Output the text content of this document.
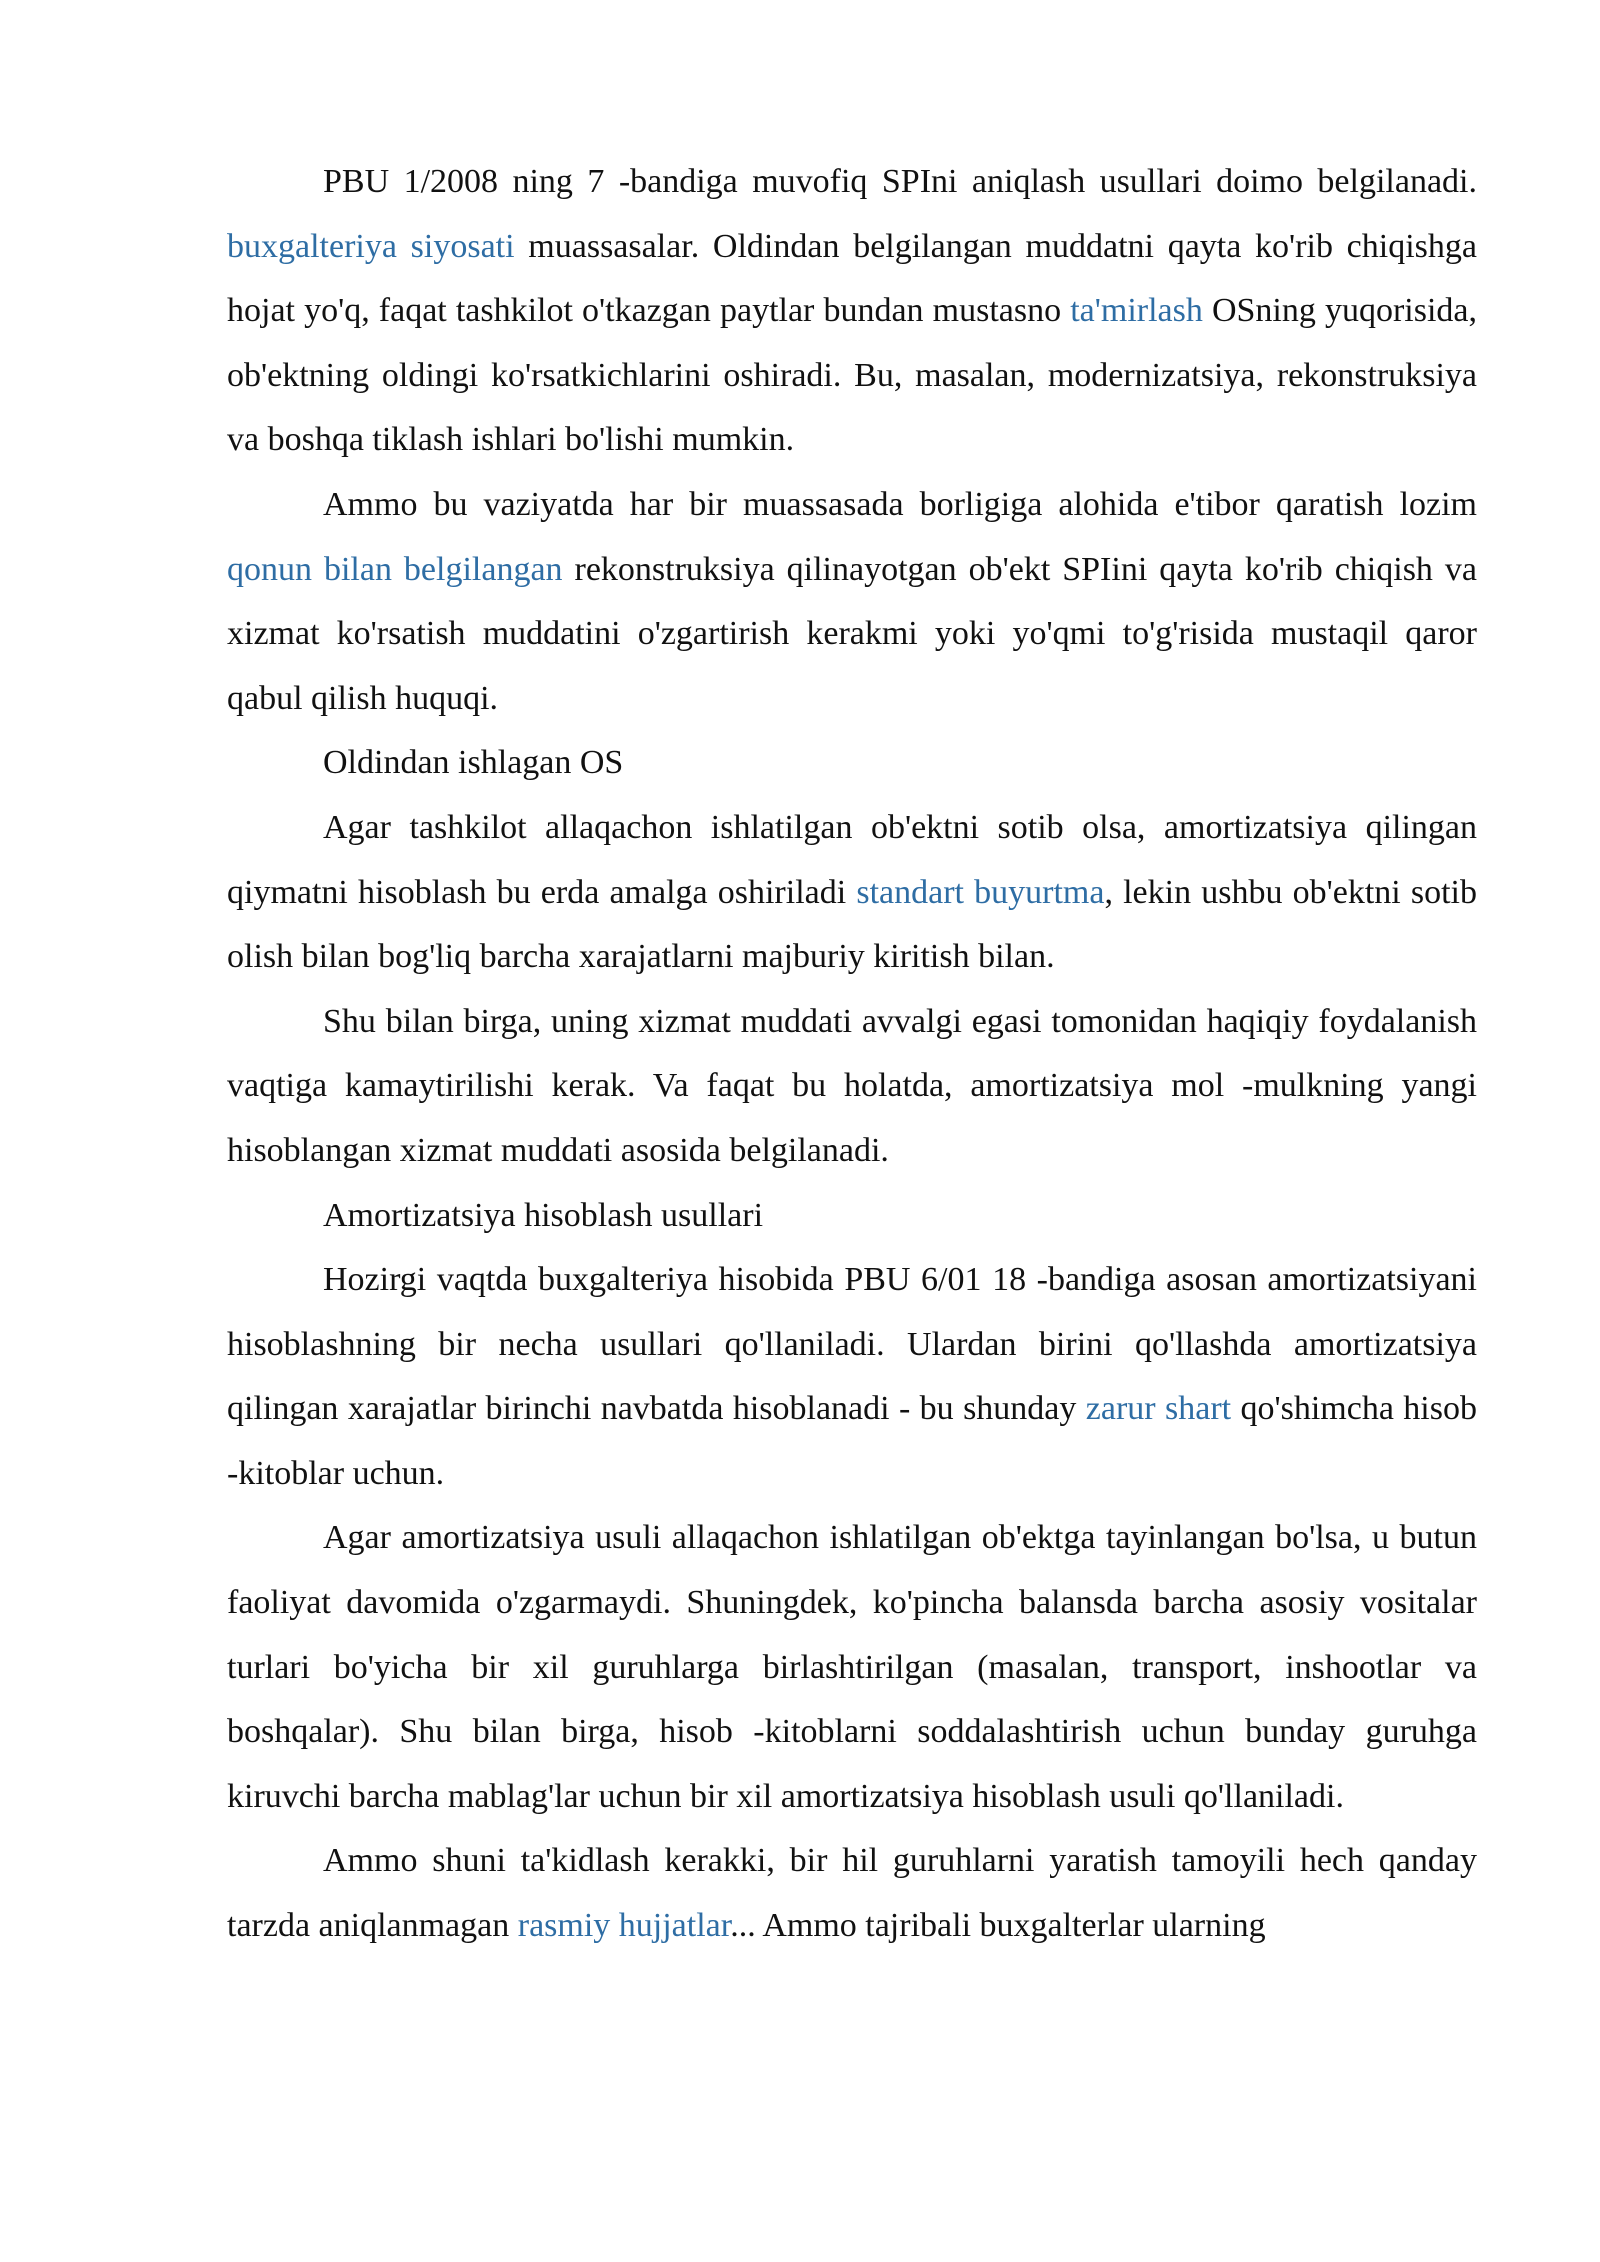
PBU 1/2008 ning 7 -bandiga muvofiq SPIni aniqlash usullari doimo belgilanadi. buxgalteriya siyosati muassasalar. Oldindan belgilangan muddatni qayta ko'rib chiqishga hojat yo'q, faqat tashkilot o'tkazgan paytlar bundan mustasno ta'mirlash OSning yuqorisida, ob'ektning oldingi ko'rsatkichlarini oshiradi. Bu, masalan, modernizatsiya, rekonstruksiya va boshqa tiklash ishlari bo'lishi mumkin.

Ammo bu vaziyatda har bir muassasada borligiga alohida e'tibor qaratish lozim qonun bilan belgilangan rekonstruksiya qilinayotgan ob'ekt SPIini qayta ko'rib chiqish va xizmat ko'rsatish muddatini o'zgartirish kerakmi yoki yo'qmi to'g'risida mustaqil qaror qabul qilish huquqi.

Oldindan ishlagan OS

Agar tashkilot allaqachon ishlatilgan ob'ektni sotib olsa, amortizatsiya qilingan qiymatni hisoblash bu erda amalga oshiriladi standart buyurtma, lekin ushbu ob'ektni sotib olish bilan bog'liq barcha xarajatlarni majburiy kiritish bilan.

Shu bilan birga, uning xizmat muddati avvalgi egasi tomonidan haqiqiy foydalanish vaqtiga kamaytirilishi kerak. Va faqat bu holatda, amortizatsiya mol -mulkning yangi hisoblangan xizmat muddati asosida belgilanadi.

Amortizatsiya hisoblash usullari

Hozirgi vaqtda buxgalteriya hisobida PBU 6/01 18 -bandiga asosan amortizatsiyani hisoblashning bir necha usullari qo'llaniladi. Ulardan birini qo'llashda amortizatsiya qilingan xarajatlar birinchi navbatda hisoblanadi - bu shunday zarur shart qo'shimcha hisob -kitoblar uchun.

Agar amortizatsiya usuli allaqachon ishlatilgan ob'ektga tayinlangan bo'lsa, u butun faoliyat davomida o'zgarmaydi. Shuningdek, ko'pincha balansda barcha asosiy vositalar turlari bo'yicha bir xil guruhlarga birlashtirilgan (masalan, transport, inshootlar va boshqalar). Shu bilan birga, hisob -kitoblarni soddalashtirish uchun bunday guruhga kiruvchi barcha mablag'lar uchun bir xil amortizatsiya hisoblash usuli qo'llaniladi.

Ammo shuni ta'kidlash kerakki, bir hil guruhlarni yaratish tamoyili hech qanday tarzda aniqlanmagan rasmiy hujjatlar... Ammo tajribali buxgalterlar ularning
